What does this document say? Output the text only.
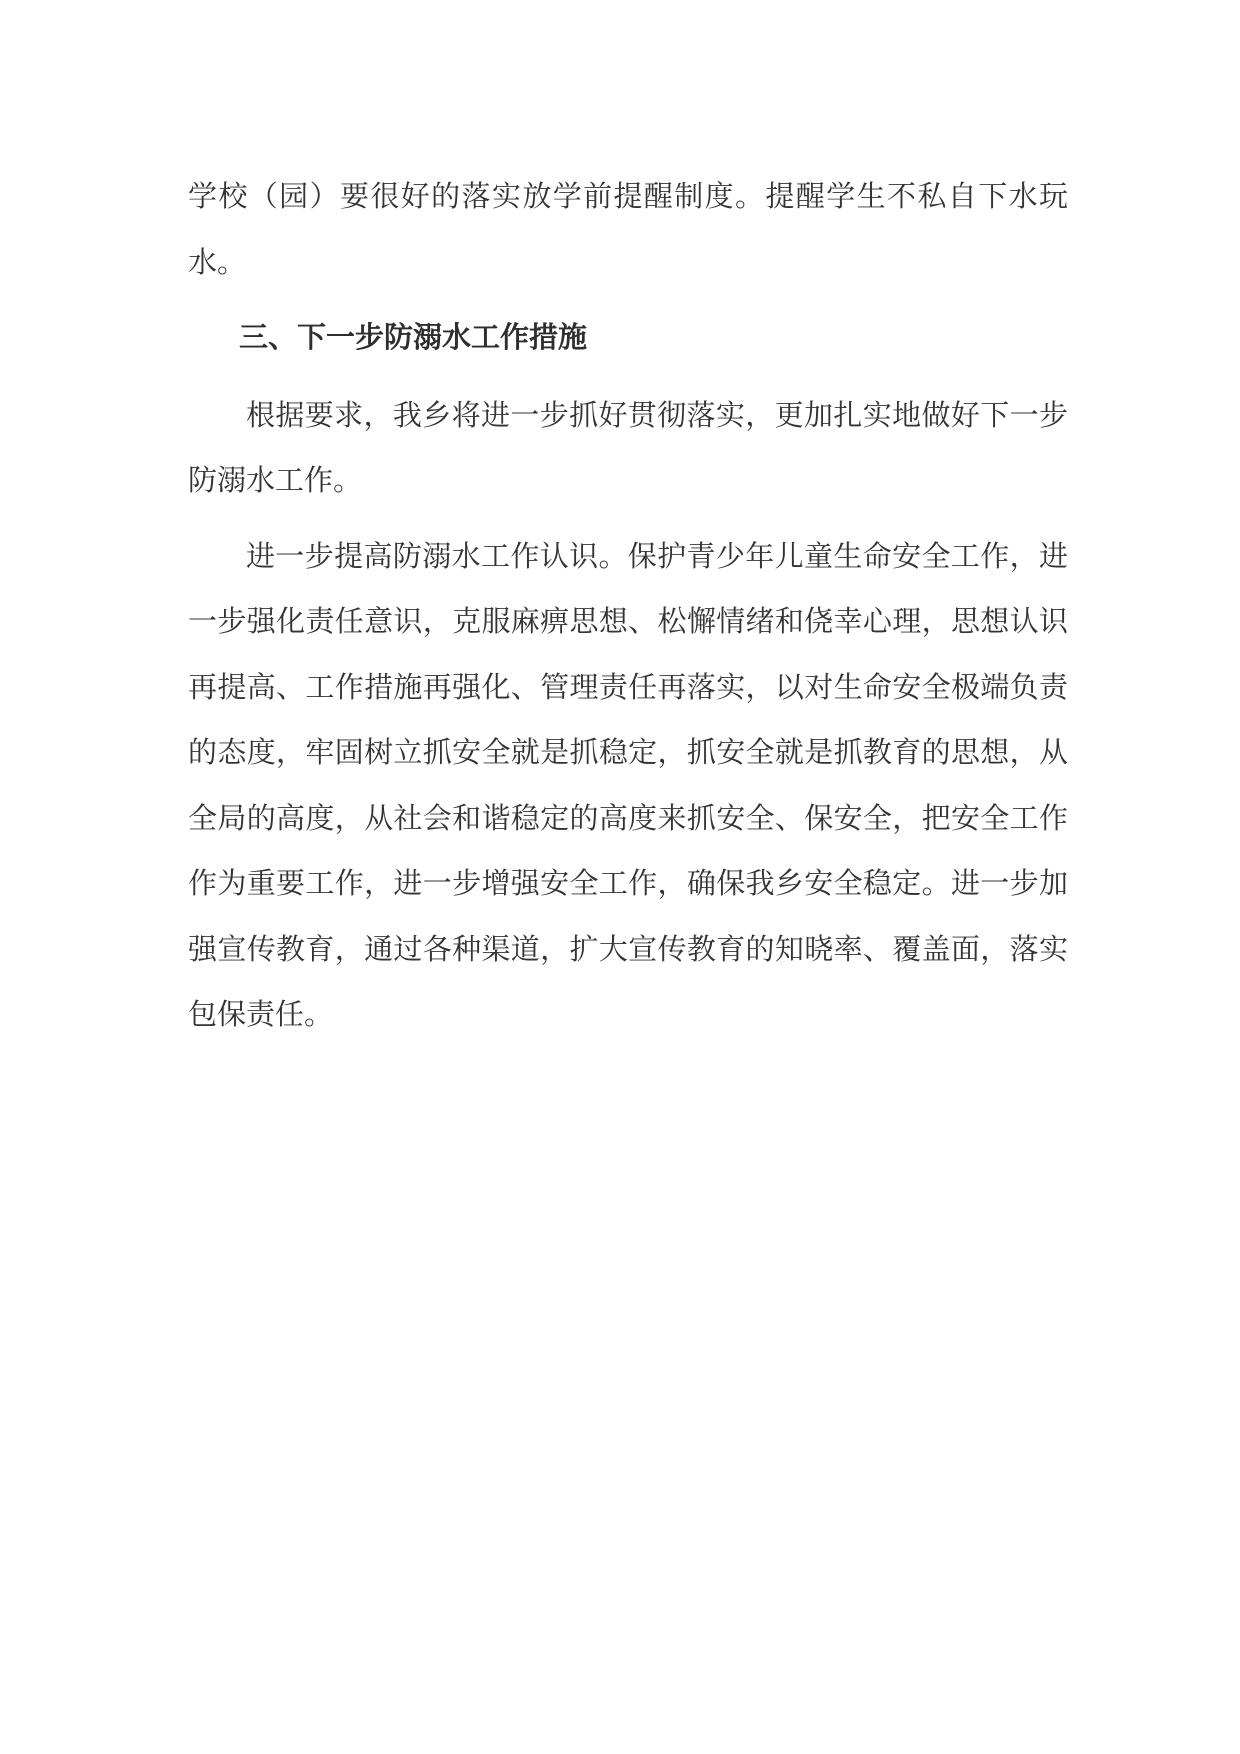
学校（园）要很好的落实放学前提醒制度。提醒学生不私自下水玩水。

三、下一步防溺水工作措施

根据要求，我乡将进一步抓好贯彻落实，更加扎实地做好下一步防溺水工作。

进一步提高防溺水工作认识。保护青少年儿童生命安全工作，进一步强化责任意识，克服麻痹思想、松懈情绪和侥幸心理，思想认识再提高、工作措施再强化、管理责任再落实，以对生命安全极端负责的态度，牢固树立抓安全就是抓稳定，抓安全就是抓教育的思想，从全局的高度，从社会和谐稳定的高度来抓安全、保安全，把安全工作作为重要工作，进一步增强安全工作，确保我乡安全稳定。进一步加强宣传教育，通过各种渠道，扩大宣传教育的知晓率、覆盖面，落实包保责任。
